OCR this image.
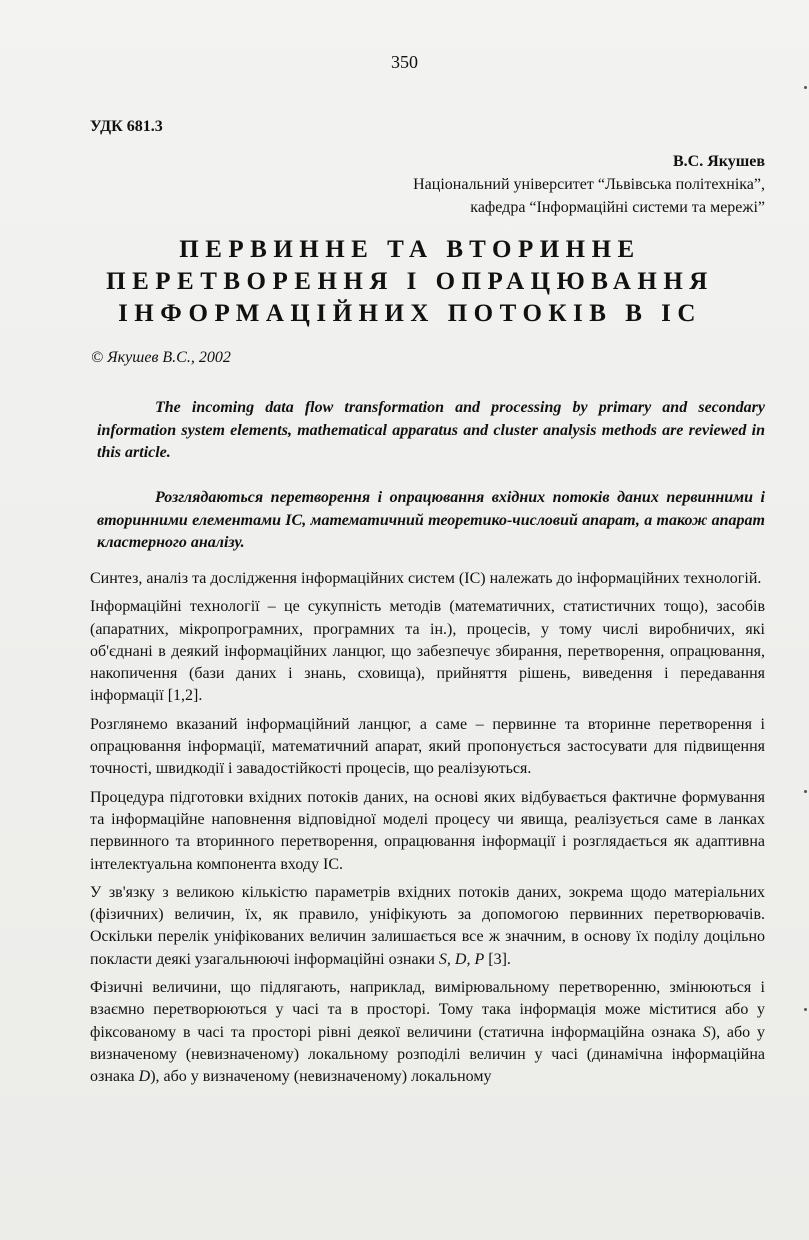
350
УДК 681.3
В.С. Якушев
Національний університет “Львівська політехніка”,
кафедра “Інформаційні системи та мережі”
ПЕРВИННЕ ТА ВТОРИННЕ
ПЕРЕТВОРЕННЯ І ОПРАЦЮВАННЯ
ІНФОРМАЦІЙНИХ ПОТОКІВ В ІС
© Якушев В.С., 2002

The incoming data flow transformation and processing by primary and secondary information system elements, mathematical apparatus and cluster analysis methods are reviewed in this article.

Розглядаються перетворення і опрацювання вхідних потоків даних первинними і вторинними елементами ІС, математичний теоретико-числовий апарат, а також апарат кластерного аналізу.

Синтез, аналіз та дослідження інформаційних систем (ІС) належать до інформаційних технологій.

Інформаційні технології – це сукупність методів (математичних, статистичних тощо), засобів (апаратних, мікропрограмних, програмних та ін.), процесів, у тому числі виробничих, які об'єднані в деякий інформаційних ланцюг, що забезпечує збирання, перетворення, опрацювання, накопичення (бази даних і знань, сховища), прийняття рішень, виведення і передавання інформації [1,2].

Розглянемо вказаний інформаційний ланцюг, а саме – первинне та вторинне перетворення і опрацювання інформації, математичний апарат, який пропонується застосувати для підвищення точності, швидкодії і завадостійкості процесів, що реалізуються.

Процедура підготовки вхідних потоків даних, на основі яких відбувається фактичне формування та інформаційне наповнення відповідної моделі процесу чи явища, реалізується саме в ланках первинного та вторинного перетворення, опрацювання інформації і розглядається як адаптивна інтелектуальна компонента входу ІС.

У зв'язку з великою кількістю параметрів вхідних потоків даних, зокрема щодо матеріальних (фізичних) величин, їх, як правило, уніфікують за допомогою первинних перетворювачів. Оскільки перелік уніфікованих величин залишається все ж значним, в основу їх поділу доцільно покласти деякі узагальнюючі інформаційні ознаки S, D, P [3].

Фізичні величини, що підлягають, наприклад, вимірювальному перетворенню, змінюються і взаємно перетворюються у часі та в просторі. Тому така інформація може міститися або у фіксованому в часі та просторі рівні деякої величини (статична інформаційна ознака S), або у визначеному (невизначеному) локальному розподілі величин у часі (динамічна інформаційна ознака D), або у визначеному (невизначеному) локальному
